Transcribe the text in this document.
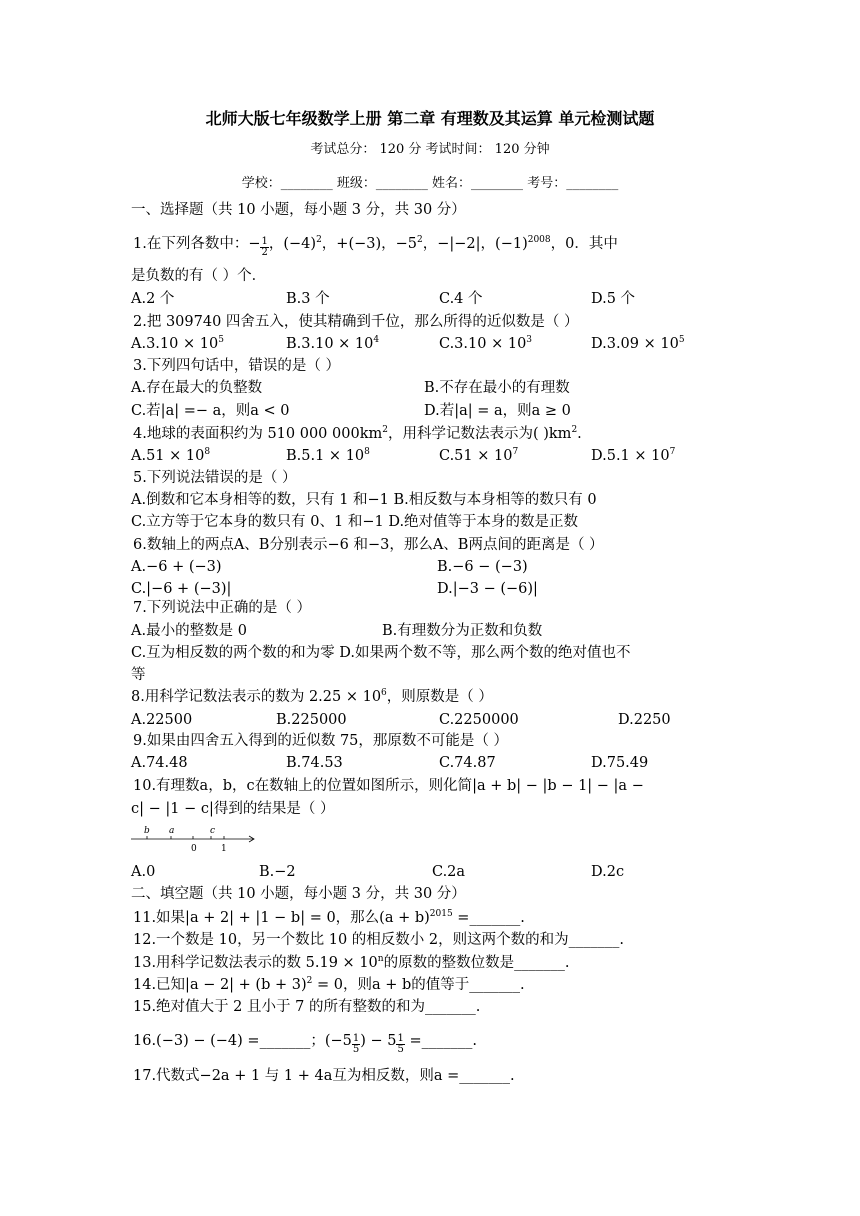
北师大版七年级数学上册 第二章 有理数及其运算 单元检测试题
考试总分： 120 分 考试时间： 120 分钟
学校：________ 班级：________ 姓名：________ 考号：________
一、选择题（共 10 小题，每小题 3 分，共 30 分）
1.在下列各数中：− $\frac{1}{2}$ ，$(-4)^2$，+(−3)，$-5^2$，−|−2|，$(-1)^{2008}$，0．其中
是负数的有（ ）个．
A.2 个	B.3 个	C.4 个	D.5 个
2.把 309740 四舍五入，使其精确到千位，那么所得的近似数是（ ）
$A.3.10 \times 10^5$	$B.3.10 \times 10^4$	$C.3.10 \times 10^3$	$D.3.09 \times 10^5$
3.下列四句话中，错误的是（ ）
A.存在最大的负整数	B.不存在最小的有理数
C.若|a| =− a，则a < 0	D.若|a| = a，则a ≥ 0
4.地球的表面积约为 510 000 $000km^2$，用科学记数法表示为( )$km^2$.
$A.51 \times 10^8$	$B.5.1 \times 10^8$	$C.51 \times 10^7$	$D.5.1 \times 10^7$
5.下列说法错误的是（ ）
A.倒数和它本身相等的数，只有 1 和−1 B.相反数与本身相等的数只有 0
C.立方等于它本身的数只有 0、1 和−1 D.绝对值等于本身的数是正数
6.数轴上的两点A、B分别表示−6 和−3，那么A、B两点间的距离是（ ）
A.−6 + (−3)	B.−6 − (−3)
C.|−6 + (−3)|	D.|−3 − (−6)|
7.下列说法中正确的是（ ）
A.最小的整数是 0	B.有理数分为正数和负数
C.互为相反数的两个数的和为零 D.如果两个数不等，那么两个数的绝对值也不
等
8.用科学记数法表示的数为 $2.25 \times 10^6$，则原数是（ ）
A.22500	B.225000	C.2250000	D.2250
9.如果由四舍五入得到的近似数 75，那原数不可能是（ ）
A.74.48	B.74.53	C.74.87	D.75.49
10.有理数a，b，c在数轴上的位置如图所示，则化简|a + b| − |b − 1| − |a −
c| − |1 − c|得到的结果是（ ）
b a	c
0	1
A.0	B.−2	C.2a	D.2c
二、填空题（共 10 小题，每小题 3 分，共 30 分）
11.如果|a + 2| + |1 − b| = 0，那么$(a + b)^{2015}$ =_______.
12.一个数是 10，另一个数比 10 的相反数小 2，则这两个数的和为_______.
13.用科学记数法表示的数 $5.19 \times 10^n$的原数的整数位数是_______.
14.已知$|a - 2| + (b + 3)^2 = 0$，则a + b的值等于_______.
15.绝对值大于 2 且小于 7 的所有整数的和为_______.
16.(−3) − (−4) =_______；($-5 \frac{1}{5}$ ) − $5 \frac{1}{5}$ =_______.
17.代数式−2a + 1 与 1 + 4a互为相反数，则a =_______.
